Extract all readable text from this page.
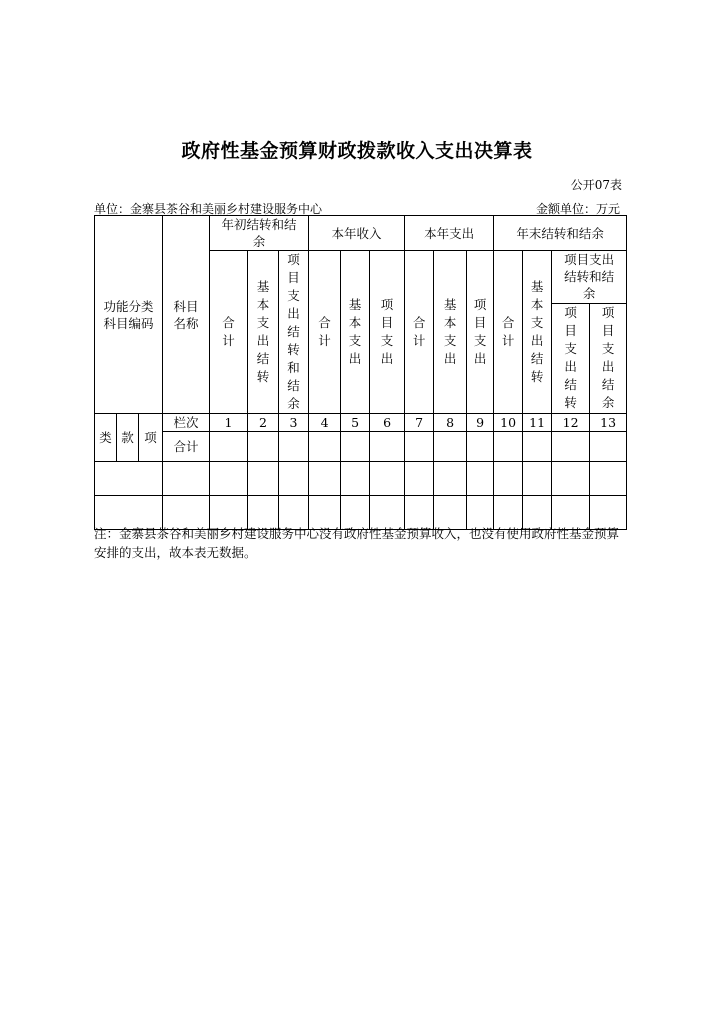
政府性基金预算财政拨款收入支出决算表
公开07表
单位：金寨县茶谷和美丽乡村建设服务中心	金额单位：万元
功能分类科目编码			科目名称	年初结转和结余			本年收入			本年支出			年末结转和结余			
				合计	基本支出结转	项目支出结转和结余	合计	基本支出	项目支出	合计	基本支出	项目支出	合计	基本支出结转	项目支出结转和结余	
															项目支出结转	项目支出结余
类	款	项	栏次	1	2	3	4	5	6	7	8	9	10	11	12	13
			合计													

注：金寨县茶谷和美丽乡村建设服务中心没有政府性基金预算收入，也没有使用政府性基金预算安排的支出，故本表无数据。
